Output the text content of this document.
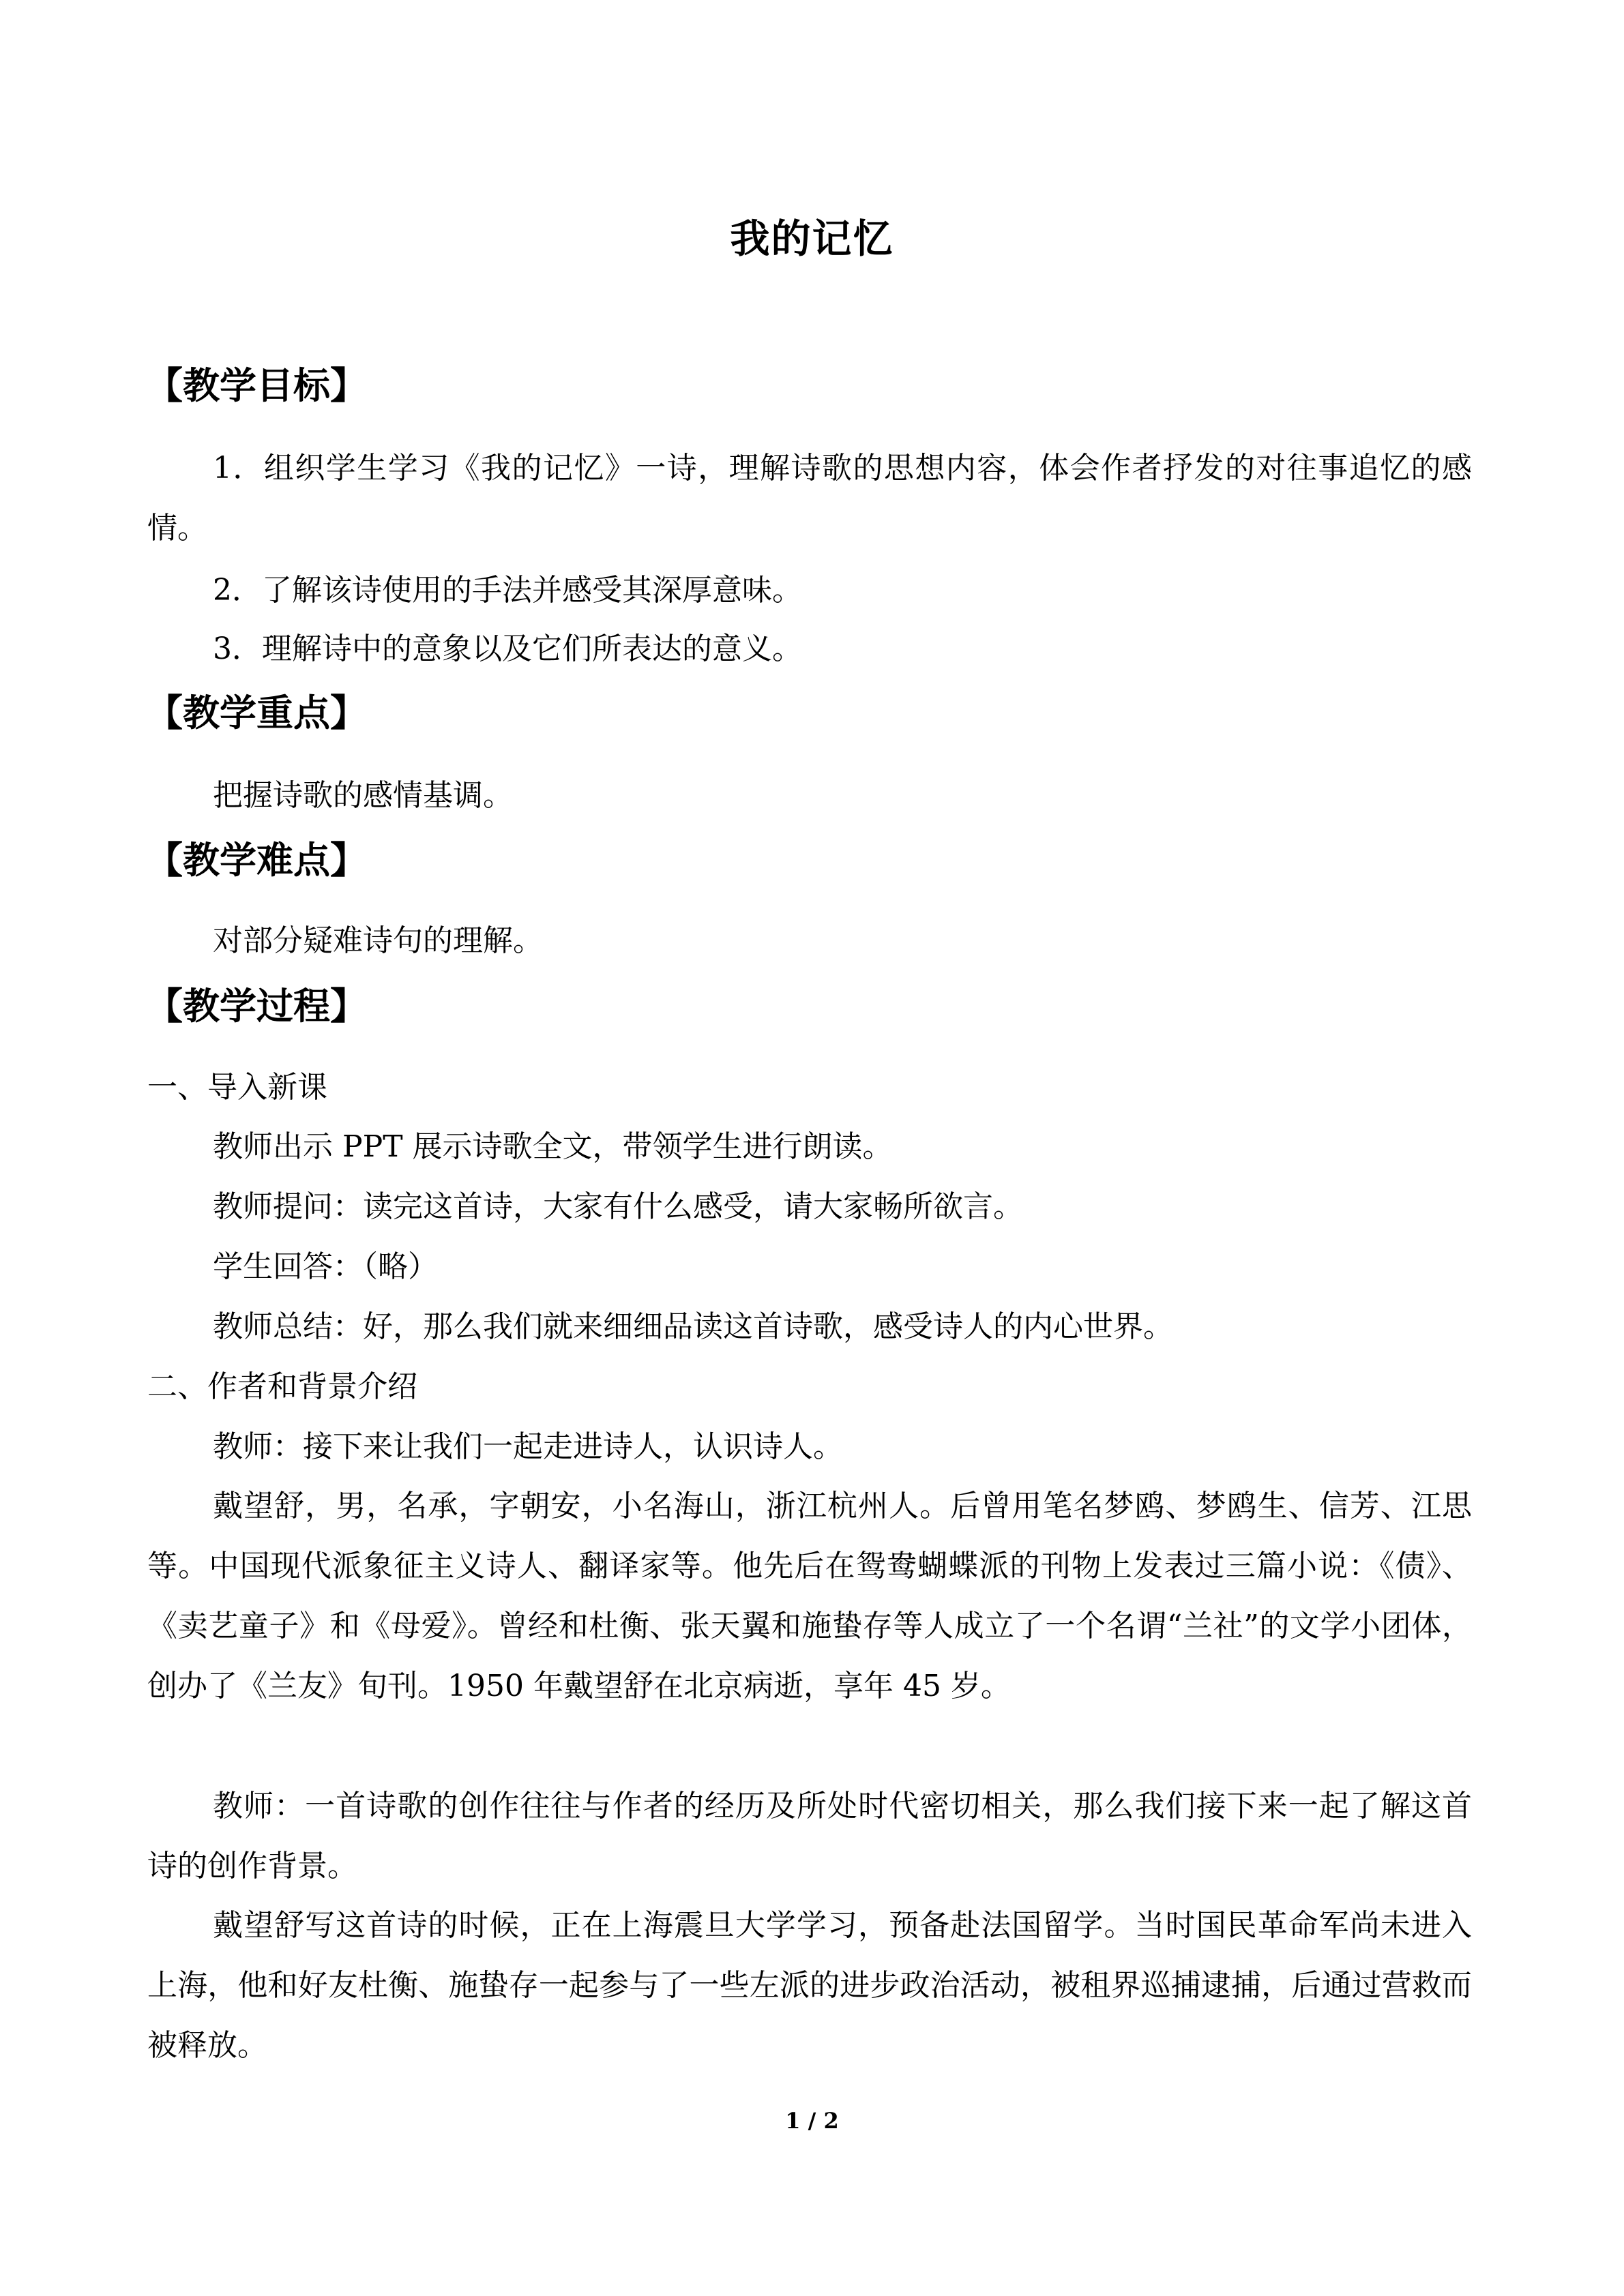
我的记忆
【教学目标】

1．组织学生学习《我的记忆》一诗，理解诗歌的思想内容，体会作者抒发的对往事追忆的感情。

2．了解该诗使用的手法并感受其深厚意味。

3．理解诗中的意象以及它们所表达的意义。

【教学重点】

把握诗歌的感情基调。

【教学难点】

对部分疑难诗句的理解。

【教学过程】

一、导入新课

教师出示 PPT 展示诗歌全文，带领学生进行朗读。

教师提问：读完这首诗，大家有什么感受，请大家畅所欲言。

学生回答：（略）

教师总结：好，那么我们就来细细品读这首诗歌，感受诗人的内心世界。

二、作者和背景介绍

教师：接下来让我们一起走进诗人，认识诗人。

戴望舒，男，名承，字朝安，小名海山，浙江杭州人。后曾用笔名梦鸥、梦鸥生、信芳、江思等。中国现代派象征主义诗人、翻译家等。他先后在鸳鸯蝴蝶派的刊物上发表过三篇小说：《债》、《卖艺童子》和《母爱》。曾经和杜衡、张天翼和施蛰存等人成立了一个名谓“兰社”的文学小团体，创办了《兰友》旬刊。1950 年戴望舒在北京病逝，享年 45 岁。

教师：一首诗歌的创作往往与作者的经历及所处时代密切相关，那么我们接下来一起了解这首诗的创作背景。

戴望舒写这首诗的时候，正在上海震旦大学学习，预备赴法国留学。当时国民革命军尚未进入上海，他和好友杜衡、施蛰存一起参与了一些左派的进步政治活动，被租界巡捕逮捕，后通过营救而被释放。

1 / 2
